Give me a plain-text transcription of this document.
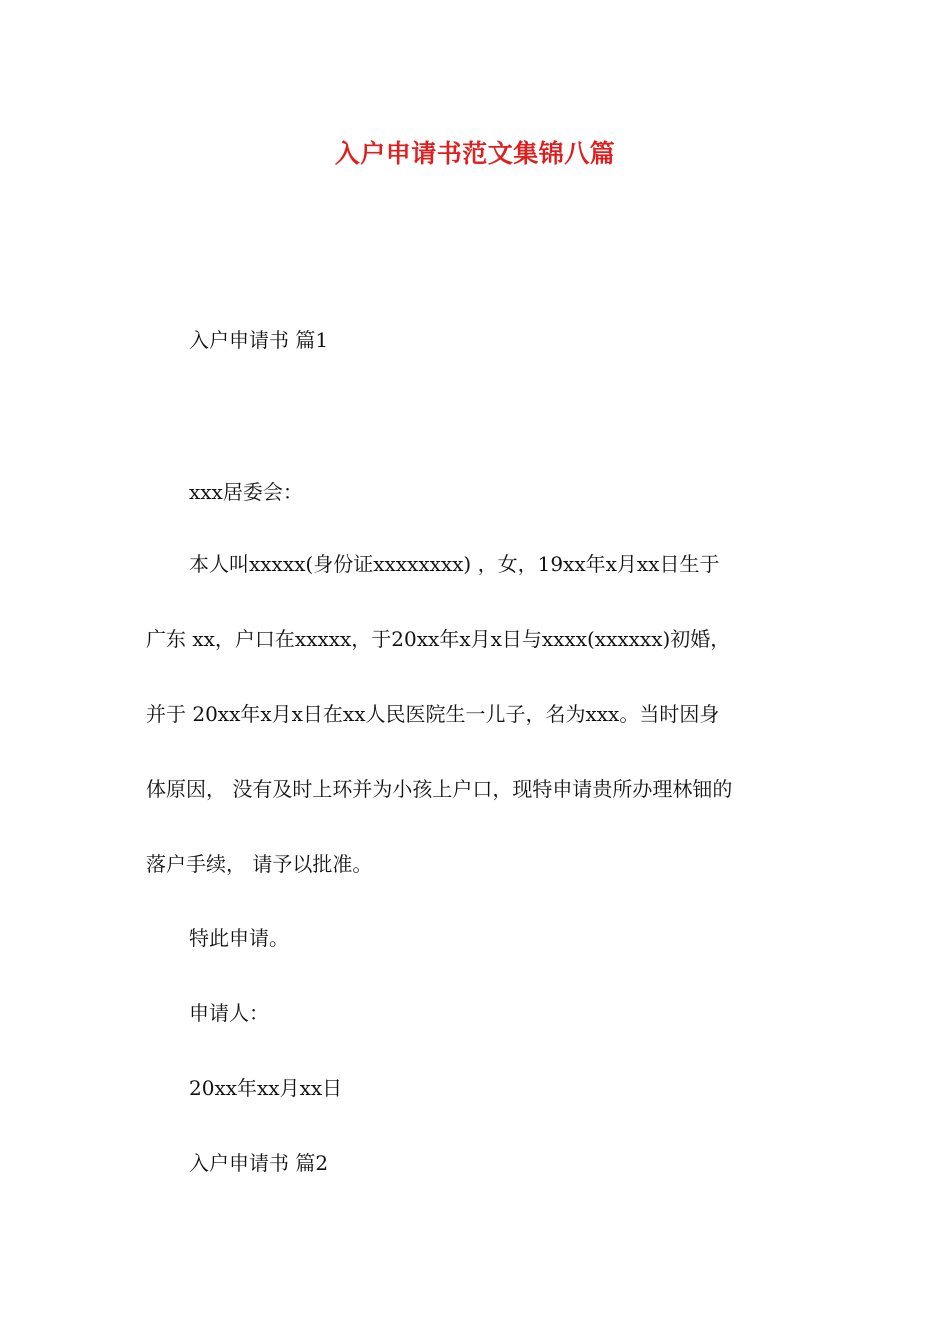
入户申请书范文集锦八篇

入户申请书 篇1

xxx居委会：

本人叫xxxxx(身份证xxxxxxxx) ，女，19xx年x月xx日生于

广东 xx，户口在xxxxx，于20xx年x月x日与xxxx(xxxxxx)初婚，

并于 20xx年x月x日在xx人民医院生一儿子，名为xxx。当时因身

体原因， 没有及时上环并为小孩上户口，现特申请贵所办理林钿的

落户手续， 请予以批准。

特此申请。

申请人：

20xx年xx月xx日

入户申请书 篇2
